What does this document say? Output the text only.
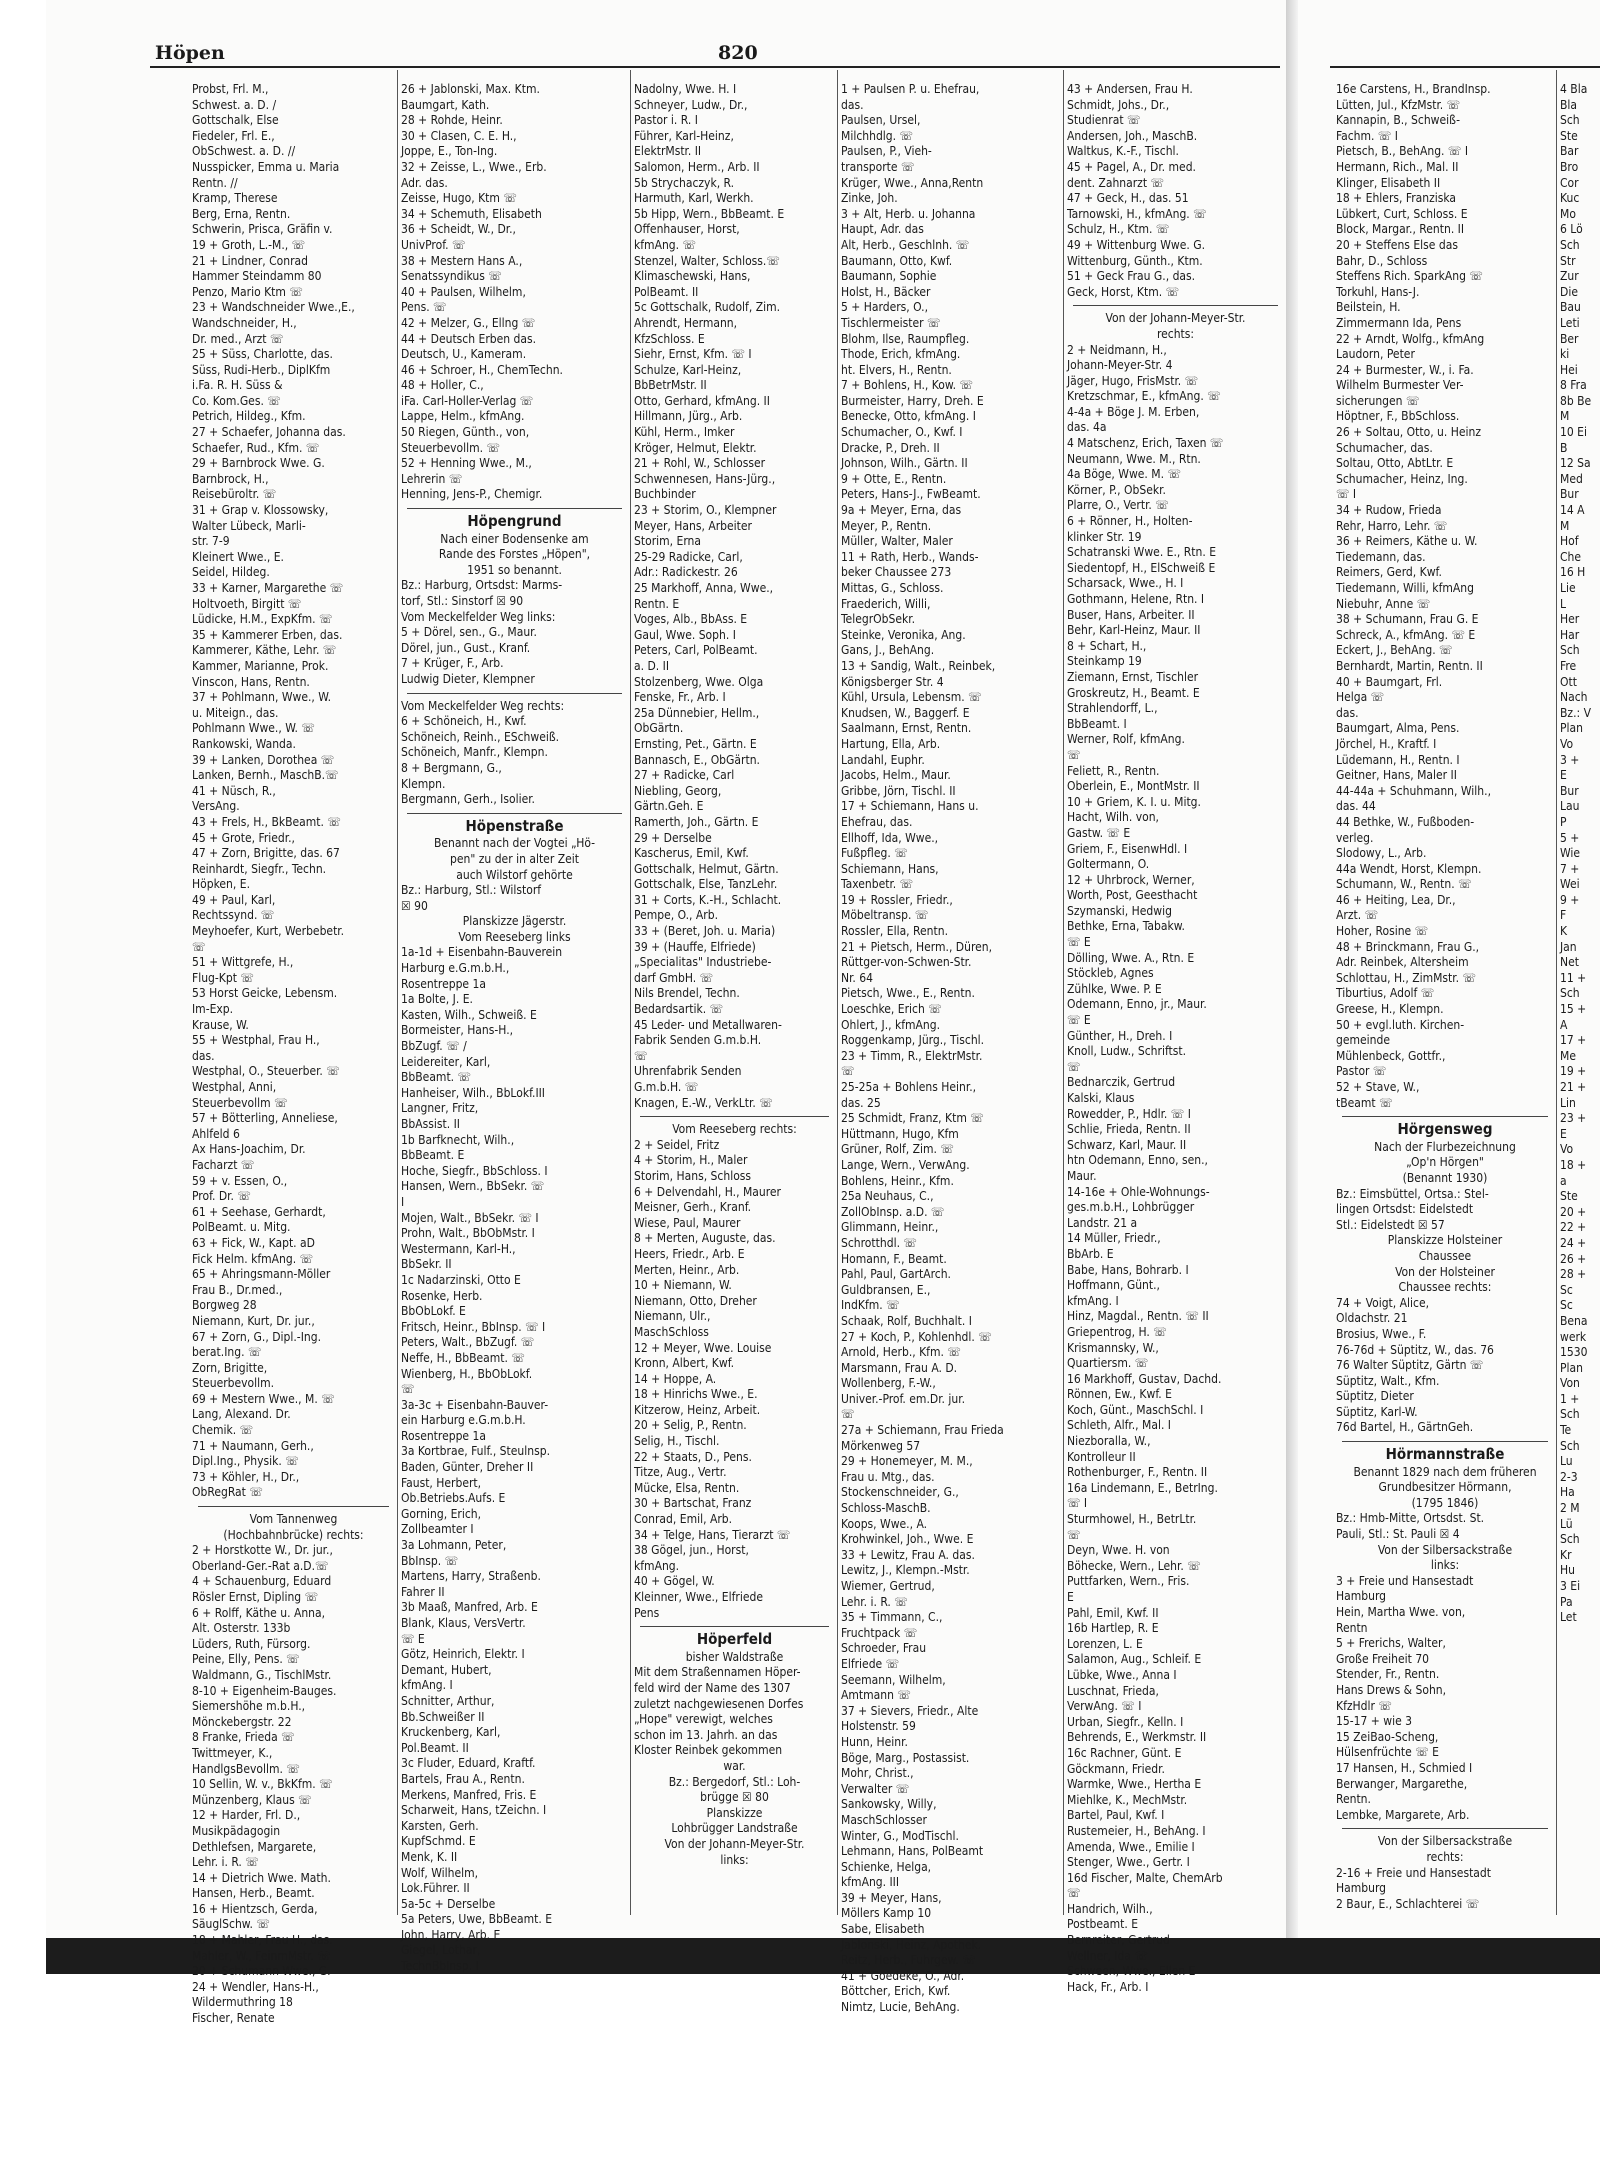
Höpen	820
Probst, Frl. M.,
Schwest. a. D. /
Gottschalk, Else
Fiedeler, Frl. E.,
ObSchwest. a. D. //
Nusspicker, Emma u. Maria
Rentn. //
Kramp, Therese
Berg, Erna, Rentn.
Schwerin, Prisca, Gräfin v.
19 + Groth, L.-M., ☏
21 + Lindner, Conrad
Hammer Steindamm 80
Penzo, Mario Ktm ☏
23 + Wandschneider Wwe.,E.,
Wandschneider, H.,
Dr. med., Arzt ☏
25 + Süss, Charlotte, das.
Süss, Rudi-Herb., DiplKfm
i.Fa. R. H. Süss &
Co. Kom.Ges. ☏
Petrich, Hildeg., Kfm.
27 + Schaefer, Johanna das.
Schaefer, Rud., Kfm. ☏
29 + Barnbrock Wwe. G.
Barnbrock, H.,
Reisebüroltr. ☏
31 + Grap v. Klossowsky,
Walter Lübeck, Marli-
str. 7-9
Kleinert Wwe., E.
Seidel, Hildeg.
33 + Karner, Margarethe ☏
Holtvoeth, Birgitt ☏
Lüdicke, H.M., ExpKfm. ☏
35 + Kammerer Erben, das.
Kammerer, Käthe, Lehr. ☏
Kammer, Marianne, Prok.
Vinscon, Hans, Rentn.
37 + Pohlmann, Wwe., W.
u. Miteign., das.
Pohlmann Wwe., W. ☏
Rankowski, Wanda.
39 + Lanken, Dorothea ☏
Lanken, Bernh., MaschB.☏
41 + Nüsch, R.,
VersAng.
43 + Frels, H., BkBeamt. ☏
45 + Grote, Friedr.,
47 + Zorn, Brigitte, das. 67
Reinhardt, Siegfr., Techn.
Höpken, E.
49 + Paul, Karl,
Rechtssynd. ☏
Meyhoefer, Kurt, Werbebetr.
☏
51 + Wittgrefe, H.,
Flug-Kpt ☏
53 Horst Geicke, Lebensm.
Im-Exp.
Krause, W.
55 + Westphal, Frau H.,
das.
Westphal, O., Steuerber. ☏
Westphal, Anni,
Steuerbevollm ☏
57 + Bötterling, Anneliese,
Ahlfeld 6
Ax Hans-Joachim, Dr.
Facharzt ☏
59 + v. Essen, O.,
Prof. Dr. ☏
61 + Seehase, Gerhardt,
PolBeamt. u. Mitg.
63 + Fick, W., Kapt. aD
Fick Helm. kfmAng. ☏
65 + Ahringsmann-Möller
Frau B., Dr.med.,
Borgweg 28
Niemann, Kurt, Dr. jur.,
67 + Zorn, G., Dipl.-Ing.
berat.Ing. ☏
Zorn, Brigitte,
Steuerbevollm.
69 + Mestern Wwe., M. ☏
Lang, Alexand. Dr.
Chemik. ☏
71 + Naumann, Gerh.,
Dipl.Ing., Physik. ☏
73 + Köhler, H., Dr.,
ObRegRat ☏
Vom Tannenweg
(Hochbahnbrücke) rechts:
2 + Horstkotte W., Dr. jur.,
Oberland-Ger.-Rat a.D.☏
4 + Schauenburg, Eduard
Rösler Ernst, Dipling ☏
6 + Rolff, Käthe u. Anna,
Alt. Osterstr. 133b
Lüders, Ruth, Fürsorg.
Peine, Elly, Pens. ☏
Waldmann, G., TischlMstr.
8-10 + Eigenheim-Bauges.
Siemershöhe m.b.H.,
Mönckebergstr. 22
8 Franke, Frieda ☏
Twittmeyer, K.,
HandlgsBevollm. ☏
10 Sellin, W. v., BkKfm. ☏
Münzenberg, Klaus ☏
12 + Harder, Frl. D.,
Musikpädagogin
Dethlefsen, Margarete,
Lehr. i. R. ☏
14 + Dietrich Wwe. Math.
Hansen, Herb., Beamt.
16 + Hientzsch, Gerda,
SäuglSchw. ☏
18 + Mahler, Frau H., das.
Mahler, W., FeinmMstr. ☏
20 + Schumann Wwe., G.
24 + Wendler, Hans-H.,
Wildermuthring 18
Fischer, Renate
26 + Jablonski, Max. Ktm.
Baumgart, Kath.
28 + Rohde, Heinr.
30 + Clasen, C. E. H.,
Joppe, E., Ton-Ing.
32 + Zeisse, L., Wwe., Erb.
Adr. das.
Zeisse, Hugo, Ktm ☏
34 + Schemuth, Elisabeth
36 + Scheidt, W., Dr.,
UnivProf. ☏
38 + Mestern Hans A.,
Senatssyndikus ☏
40 + Paulsen, Wilhelm,
Pens. ☏
42 + Melzer, G., Ellng ☏
44 + Deutsch Erben das.
Deutsch, U., Kameram.
46 + Schroer, H., ChemTechn.
48 + Holler, C.,
iFa. Carl-Holler-Verlag ☏
Lappe, Helm., kfmAng.
50 Riegen, Günth., von,
Steuerbevollm. ☏
52 + Henning Wwe., M.,
Lehrerin ☏
Henning, Jens-P., Chemigr.
Höpengrund
Nach einer Bodensenke am
Rande des Forstes „Höpen",
1951 so benannt.
Bz.: Harburg, Ortsdst: Marms-
torf, Stl.: Sinstorf ☒ 90
Vom Meckelfelder Weg links:
5 + Dörel, sen., G., Maur.
Dörel, jun., Gust., Kranf.
7 + Krüger, F., Arb.
Ludwig Dieter, Klempner
Vom Meckelfelder Weg rechts:
6 + Schöneich, H., Kwf.
Schöneich, Reinh., ESchweiß.
Schöneich, Manfr., Klempn.
8 + Bergmann, G.,
Klempn.
Bergmann, Gerh., Isolier.
Höpenstraße
Benannt nach der Vogtei „Hö-
pen" zu der in alter Zeit
auch Wilstorf gehörte
Bz.: Harburg, Stl.: Wilstorf
☒ 90
Planskizze Jägerstr.
Vom Reeseberg links
1a-1d + Eisenbahn-Bauverein
Harburg e.G.m.b.H.,
Rosentreppe 1a
1a Bolte, J. E.
Kasten, Wilh., Schweiß. E
Bormeister, Hans-H.,
BbZugf. ☏ /
Leidereiter, Karl,
BbBeamt. ☏
Hanheiser, Wilh., BbLokf.III
Langner, Fritz,
BbAssist. II
1b Barfknecht, Wilh.,
BbBeamt. E
Hoche, Siegfr., BbSchloss. I
Hansen, Wern., BbSekr. ☏
I
Mojen, Walt., BbSekr. ☏ I
Prohn, Walt., BbObMstr. I
Westermann, Karl-H.,
BbSekr. II
1c Nadarzinski, Otto E
Rosenke, Herb.
BbObLokf. E
Fritsch, Heinr., BbInsp. ☏ I
Peters, Walt., BbZugf. ☏
Neffe, H., BbBeamt. ☏
Wienberg, H., BbObLokf.
☏
3a-3c + Eisenbahn-Bauver-
ein Harburg e.G.m.b.H.
Rosentreppe 1a
3a Kortbrae, Fulf., Steulnsp.
Baden, Günter, Dreher II
Faust, Herbert,
Ob.Betriebs.Aufs. E
Gorning, Erich,
Zollbeamter I
3a Lohmann, Peter,
BbInsp. ☏
Martens, Harry, Straßenb.
Fahrer II
3b Maaß, Manfred, Arb. E
Blank, Klaus, VersVertr.
☏ E
Götz, Heinrich, Elektr. I
Demant, Hubert,
kfmAng. I
Schnitter, Arthur,
Bb.Schweißer II
Kruckenberg, Karl,
Pol.Beamt. II
3c Fluder, Eduard, Kraftf.
Bartels, Frau A., Rentn.
Merkens, Manfred, Fris. E
Scharweit, Hans, tZeichn. I
Karsten, Gerh.
KupfSchmd. E
Menk, K. II
Wolf, Wilhelm,
Lok.Führer. II
5a-5c + Derselbe
5a Peters, Uwe, BbBeamt. E
John, Harry, Arb. E
Giegel, Lothar,
TechnBbInsp. I
Nadolny, Wwe. H. I
Schneyer, Ludw., Dr.,
Pastor i. R. I
Führer, Karl-Heinz,
ElektrMstr. II
Salomon, Herm., Arb. II
5b Strychaczyk, R.
Harmuth, Karl, Werkh.
5b Hipp, Wern., BbBeamt. E
Offenhauser, Horst,
kfmAng. ☏
Stenzel, Walter, Schloss.☏
Klimaschewski, Hans,
PolBeamt. II
5c Gottschalk, Rudolf, Zim.
Ahrendt, Hermann,
KfzSchloss. E
Siehr, Ernst, Kfm. ☏ I
Schulze, Karl-Heinz,
BbBetrMstr. II
Otto, Gerhard, kfmAng. II
Hillmann, Jürg., Arb.
Kühl, Herm., Imker
Kröger, Helmut, Elektr.
21 + Rohl, W., Schlosser
Schwennesen, Hans-Jürg.,
Buchbinder
23 + Storim, O., Klempner
Meyer, Hans, Arbeiter
Storim, Erna
25-29 Radicke, Carl,
Adr.: Radickestr. 26
25 Markhoff, Anna, Wwe.,
Rentn. E
Voges, Alb., BbAss. E
Gaul, Wwe. Soph. I
Peters, Carl, PolBeamt.
a. D. II
Stolzenberg, Wwe. Olga
Fenske, Fr., Arb. I
25a Dünnebier, Hellm.,
ObGärtn.
Ernsting, Pet., Gärtn. E
Bannasch, E., ObGärtn.
27 + Radicke, Carl
Niebling, Georg,
Gärtn.Geh. E
Ramerth, Joh., Gärtn. E
29 + Derselbe
Kascherus, Emil, Kwf.
Gottschalk, Helmut, Gärtn.
Gottschalk, Else, TanzLehr.
31 + Corts, K.-H., Schlacht.
Pempe, O., Arb.
33 + (Beret, Joh. u. Maria)
39 + (Hauffe, Elfriede)
„Specialitas" Industriebe-
darf GmbH. ☏
Nils Brendel, Techn.
Bedardsartik. ☏
45 Leder- und Metallwaren-
Fabrik Senden G.m.b.H.
☏
Uhrenfabrik Senden
G.m.b.H. ☏
Knagen, E.-W., VerkLtr. ☏
Vom Reeseberg rechts:
2 + Seidel, Fritz
4 + Storim, H., Maler
Storim, Hans, Schloss
6 + Delvendahl, H., Maurer
Meisner, Gerh., Kranf.
Wiese, Paul, Maurer
8 + Merten, Auguste, das.
Heers, Friedr., Arb. E
Merten, Heinr., Arb.
10 + Niemann, W.
Niemann, Otto, Dreher
Niemann, Ulr.,
MaschSchloss
12 + Meyer, Wwe. Louise
Kronn, Albert, Kwf.
14 + Hoppe, A.
18 + Hinrichs Wwe., E.
Kitzerow, Heinz, Arbeit.
20 + Selig, P., Rentn.
Selig, H., Tischl.
22 + Staats, D., Pens.
Titze, Aug., Vertr.
Mücke, Elsa, Rentn.
30 + Bartschat, Franz
Conrad, Emil, Arb.
34 + Telge, Hans, Tierarzt ☏
38 Gögel, jun., Horst,
kfmAng.
40 + Gögel, W.
Kleinner, Wwe., Elfriede
Pens
Höperfeld
bisher Waldstraße
Mit dem Straßennamen Höper-
feld wird der Name des 1307
zuletzt nachgewiesenen Dorfes
„Hope" verewigt, welches
schon im 13. Jahrh. an das
Kloster Reinbek gekommen
war.
Bz.: Bergedorf, Stl.: Loh-
brügge ☒ 80
Planskizze
Lohbrügger Landstraße
Von der Johann-Meyer-Str.
links:
1 + Paulsen P. u. Ehefrau,
das.
Paulsen, Ursel,
Milchhdlg. ☏
Paulsen, P., Vieh-
transporte ☏
Krüger, Wwe., Anna,Rentn
Zinke, Joh.
3 + Alt, Herb. u. Johanna
Haupt, Adr. das
Alt, Herb., Geschlnh. ☏
Baumann, Otto, Kwf.
Baumann, Sophie
Holst, H., Bäcker
5 + Harders, O.,
Tischlermeister ☏
Blohm, Ilse, Raumpfleg.
Thode, Erich, kfmAng.
ht. Elvers, H., Rentn.
7 + Bohlens, H., Kow. ☏
Burmeister, Harry, Dreh. E
Benecke, Otto, kfmAng. I
Schumacher, O., Kwf. I
Dracke, P., Dreh. II
Johnson, Wilh., Gärtn. II
9 + Otte, E., Rentn.
Peters, Hans-J., FwBeamt.
9a + Meyer, Erna, das
Meyer, P., Rentn.
Müller, Walter, Maler
11 + Rath, Herb., Wands-
beker Chaussee 273
Mittas, G., Schloss.
Fraederich, Willi,
TelegrObSekr.
Steinke, Veronika, Ang.
Gans, J., BehAng.
13 + Sandig, Walt., Reinbek,
Königsberger Str. 4
Kühl, Ursula, Lebensm. ☏
Knudsen, W., Baggerf. E
Saalmann, Ernst, Rentn.
Hartung, Ella, Arb.
Landahl, Euphr.
Jacobs, Helm., Maur.
Gribbe, Jörn, Tischl. II
17 + Schiemann, Hans u.
Ehefrau, das.
Ellhoff, Ida, Wwe.,
Fußpfleg. ☏
Schiemann, Hans,
Taxenbetr. ☏
19 + Rossler, Friedr.,
Möbeltransp. ☏
Rossler, Ella, Rentn.
21 + Pietsch, Herm., Düren,
Rüttger-von-Schwen-Str.
Nr. 64
Pietsch, Wwe., E., Rentn.
Loeschke, Erich ☏
Ohlert, J., kfmAng.
Roggenkamp, Jürg., Tischl.
23 + Timm, R., ElektrMstr.
☏
25-25a + Bohlens Heinr.,
das. 25
25 Schmidt, Franz, Ktm ☏
Hüttmann, Hugo, Kfm
Grüner, Rolf, Zim. ☏
Lange, Wern., VerwAng.
Bohlens, Heinr., Kfm.
25a Neuhaus, C.,
ZollObInsp. a.D. ☏
Glimmann, Heinr.,
Schrotthdl. ☏
Homann, F., Beamt.
Pahl, Paul, GartArch.
Guldbransen, E.,
IndKfm. ☏
Schaak, Rolf, Buchhalt. I
27 + Koch, P., Kohlenhdl. ☏
Arnold, Herb., Kfm. ☏
Marsmann, Frau A. D.
Wollenberg, F.-W.,
Univer.-Prof. em.Dr. jur.
☏
27a + Schiemann, Frau Frieda
Mörkenweg 57
29 + Honemeyer, M. M.,
Frau u. Mtg., das.
Stockenschneider, G.,
Schloss-MaschB.
Koops, Wwe., A.
Krohwinkel, Joh., Wwe. E
33 + Lewitz, Frau A. das.
Lewitz, J., Klempn.-Mstr.
Wiemer, Gertrud,
Lehr. i. R. ☏
35 + Timmann, C.,
Fruchtpack ☏
Schroeder, Frau
Elfriede ☏
Seemann, Wilhelm,
Amtmann ☏
37 + Sievers, Friedr., Alte
Holstenstr. 59
Hunn, Heinr.
Böge, Marg., Postassist.
Mohr, Christ.,
Verwalter ☏
Sankowsky, Willy,
MaschSchlosser
Winter, G., ModTischl.
Lehmann, Hans, PolBeamt
Schienke, Helga,
kfmAng. III
39 + Meyer, Hans,
Möllers Kamp 10
Sabe, Elisabeth
Jablonski, Heinz, Apothek.
Reitz, Herb., Fuhrgew. ☏
41 + Goedeke, O., Adr.
Böttcher, Erich, Kwf.
Nimtz, Lucie, BehAng.
43 + Andersen, Frau H.
Schmidt, Johs., Dr.,
Studienrat ☏
Andersen, Joh., MaschB.
Waltkus, K.-F., Tischl.
45 + Pagel, A., Dr. med.
dent. Zahnarzt ☏
47 + Geck, H., das. 51
Tarnowski, H., kfmAng. ☏
Schulz, H., Ktm. ☏
49 + Wittenburg Wwe. G.
Wittenburg, Günth., Ktm.
51 + Geck Frau G., das.
Geck, Horst, Ktm. ☏
Von der Johann-Meyer-Str.
rechts:
2 + Neidmann, H.,
Johann-Meyer-Str. 4
Jäger, Hugo, FrisMstr. ☏
Kretzschmar, E., kfmAng. ☏
4-4a + Böge J. M. Erben,
das. 4a
4 Matschenz, Erich, Taxen ☏
Neumann, Wwe. M., Rtn.
4a Böge, Wwe. M. ☏
Körner, P., ObSekr.
Plarre, O., Vertr. ☏
6 + Rönner, H., Holten-
klinker Str. 19
Schatranski Wwe. E., Rtn. E
Siedentopf, H., ElSchweiß E
Scharsack, Wwe., H. I
Gothmann, Helene, Rtn. I
Buser, Hans, Arbeiter. II
Behr, Karl-Heinz, Maur. II
8 + Schart, H.,
Steinkamp 19
Ziemann, Ernst, Tischler
Groskreutz, H., Beamt. E
Strahlendorff, L.,
BbBeamt. I
Werner, Rolf, kfmAng.
☏
Feliett, R., Rentn.
Oberlein, E., MontMstr. II
10 + Griem, K. I. u. Mitg.
Hacht, Wilh. von,
Gastw. ☏ E
Griem, F., EisenwHdl. I
Goltermann, O.
12 + Uhrbrock, Werner,
Worth, Post, Geesthacht
Szymanski, Hedwig
Bethke, Erna, Tabakw.
☏ E
Dölling, Wwe. A., Rtn. E
Stöckleb, Agnes
Zühlke, Wwe. P. E
Odemann, Enno, jr., Maur.
☏ E
Günther, H., Dreh. I
Knoll, Ludw., Schriftst.
☏
Bednarczik, Gertrud
Kalski, Klaus
Rowedder, P., Hdlr. ☏ I
Schlie, Frieda, Rentn. II
Schwarz, Karl, Maur. II
htn Odemann, Enno, sen.,
Maur.
14-16e + Ohle-Wohnungs-
ges.m.b.H., Lohbrügger
Landstr. 21 a
14 Müller, Friedr.,
BbArb. E
Babe, Hans, Bohrarb. I
Hoffmann, Günt.,
kfmAng. I
Hinz, Magdal., Rentn. ☏ II
Griepentrog, H. ☏
Krismannsky, W.,
Quartiersm. ☏
16 Markhoff, Gustav, Dachd.
Rönnen, Ew., Kwf. E
Koch, Günt., MaschSchl. I
Schleth, Alfr., Mal. I
Niezboralla, W.,
Kontrolleur II
Rothenburger, F., Rentn. II
16a Lindemann, E., BetrIng.
☏ I
Sturmhowel, H., BetrLtr.
☏
Deyn, Wwe. H. von
Böhecke, Wern., Lehr. ☏
Puttfarken, Wern., Fris.
E
Pahl, Emil, Kwf. II
16b Hartlep, R. E
Lorenzen, L. E
Salamon, Aug., Schleif. E
Lübke, Wwe., Anna I
Luschnat, Frieda,
VerwAng. ☏ I
Urban, Siegfr., Kelln. I
Behrends, E., Werkmstr. II
16c Rachner, Günt. E
Göckmann, Friedr.
Warmke, Wwe., Hertha E
Miehlke, K., MechMstr.
Bartel, Paul, Kwf. I
Rustemeier, H., BehAng. I
Amenda, Wwe., Emilie I
Stenger, Wwe., Gertr. I
16d Fischer, Malte, ChemArb
☏
Handrich, Wilh.,
Postbeamt. E
Bernreiter, Gertrud
Wellner, Ida ☏
Schween, Wwe., Ellen E
Hack, Fr., Arb. I
16e Carstens, H., BrandInsp.
Lütten, Jul., KfzMstr. ☏
Kannapin, B., Schweiß-
Fachm. ☏ I
Pietsch, B., BehAng. ☏ I
Hermann, Rich., Mal. II
Klinger, Elisabeth II
18 + Ehlers, Franziska
Lübkert, Curt, Schloss. E
Block, Margar., Rentn. II
20 + Steffens Else das
Bahr, D., Schloss
Steffens Rich. SparkAng ☏
Torkuhl, Hans-J.
Beilstein, H.
Zimmermann Ida, Pens
22 + Arndt, Wolfg., kfmAng
Laudorn, Peter
24 + Burmester, W., i. Fa.
Wilhelm Burmester Ver-
sicherungen ☏
Höptner, F., BbSchloss.
26 + Soltau, Otto, u. Heinz
Schumacher, das.
Soltau, Otto, AbtLtr. E
Schumacher, Heinz, Ing.
☏ I
34 + Rudow, Frieda
Rehr, Harro, Lehr. ☏
36 + Reimers, Käthe u. W.
Tiedemann, das.
Reimers, Gerd, Kwf.
Tiedemann, Willi, kfmAng
Niebuhr, Anne ☏
38 + Schumann, Frau G. E
Schreck, A., kfmAng. ☏ E
Eckert, J., BehAng. ☏
Bernhardt, Martin, Rentn. II
40 + Baumgart, Frl.
Helga ☏
das.
Baumgart, Alma, Pens.
Jörchel, H., Kraftf. I
Lüdemann, H., Rentn. I
Geitner, Hans, Maler II
44-44a + Schuhmann, Wilh.,
das. 44
44 Bethke, W., Fußboden-
verleg.
Slodowy, L., Arb.
44a Wendt, Horst, Klempn.
Schumann, W., Rentn. ☏
46 + Heiting, Lea, Dr.,
Arzt. ☏
Hoher, Rosine ☏
48 + Brinckmann, Frau G.,
Adr. Reinbek, Altersheim
Schlottau, H., ZimMstr. ☏
Tiburtius, Adolf ☏
Greese, H., Klempn.
50 + evgl.luth. Kirchen-
gemeinde
Mühlenbeck, Gottfr.,
Pastor ☏
52 + Stave, W.,
tBeamt ☏
Hörgensweg
Nach der Flurbezeichnung
„Op'n Hörgen"
(Benannt 1930)
Bz.: Eimsbüttel, Ortsa.: Stel-
lingen Ortsdst: Eidelstedt
Stl.: Eidelstedt ☒ 57
Planskizze Holsteiner
Chaussee
Von der Holsteiner
Chaussee rechts:
74 + Voigt, Alice,
Oldachstr. 21
Brosius, Wwe., F.
76-76d + Süptitz, W., das. 76
76 Walter Süptitz, Gärtn ☏
Süptitz, Walt., Kfm.
Süptitz, Dieter
Süptitz, Karl-W.
76d Bartel, H., GärtnGeh.
Hörmannstraße
Benannt 1829 nach dem früheren
Grundbesitzer Hörmann,
(1795 1846)
Bz.: Hmb-Mitte, Ortsdst. St.
Pauli, Stl.: St. Pauli ☒ 4
Von der Silbersackstraße
links:
3 + Freie und Hansestadt
Hamburg
Hein, Martha Wwe. von,
Rentn
5 + Frerichs, Walter,
Große Freiheit 70
Stender, Fr., Rentn.
Hans Drews & Sohn,
KfzHdlr ☏
15-17 + wie 3
15 ZeiBao-Scheng,
Hülsenfrüchte ☏ E
17 Hansen, H., Schmied I
Berwanger, Margarethe,
Rentn.
Lembke, Margarete, Arb.
Von der Silbersackstraße
rechts:
2-16 + Freie und Hansestadt
Hamburg
2 Baur, E., Schlachterei ☏
4 Bla
Bla
Sch
Ste
Bar
Bro
Cor
Kuc
Mo
6 Lö
Sch
Str
Zur
Die
Bau
Leti
Ber
ki
Hei
8 Fra
8b Be
M
10 Ei
B
12 Sa
Med
Bur
14 A
M
Hof
Che
16 H
Lie
L
Her
Har
Sch
Fre
Ott
Nach
Bz.: V
Plan
Vo
3 +
E
Bur
Lau
P
5 +
Wie
7 +
Wei
9 +
F
K
Jan
Net
11 +
Sch
15 +
A
17 +
Me
19 +
21 +
Lin
23 +
E
Vo
18 +
a
Ste
20 +
22 +
24 +
26 +
28 +
Sc
Sc
Bena
werk
1530
Plan
Von
1 +
Sch
Te
Sch
Lu
2-3
Ha
2 M
Lü
Sch
Kr
Hu
3 Ei
Pa
Let
